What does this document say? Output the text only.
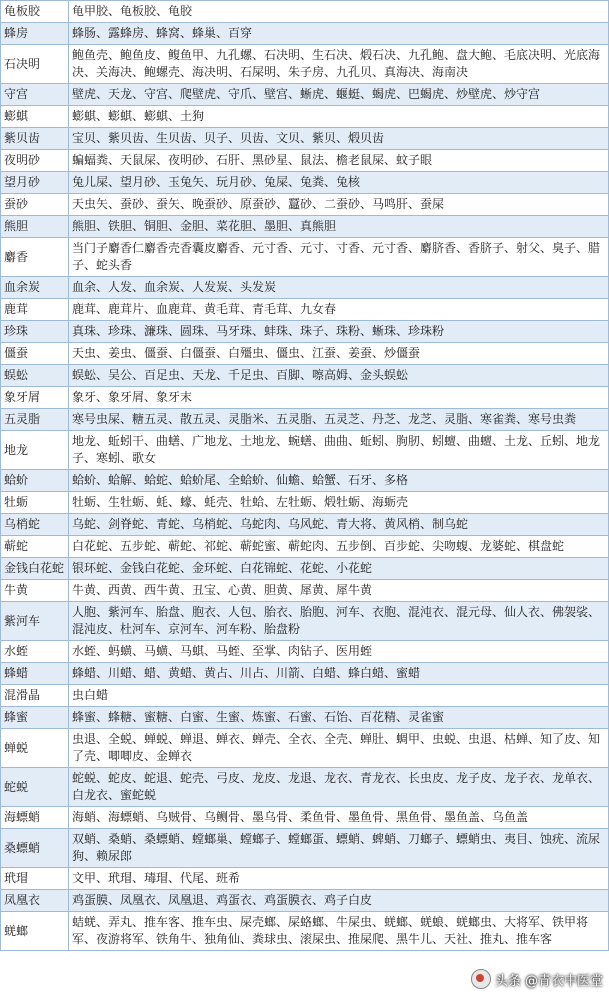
龟板胶	龟甲胶、龟板胶、龟胶
蜂房	蜂肠、露蜂房、蜂窝、蜂巢、百穿
石决明	鲍鱼壳、鲍鱼皮、鳆鱼甲、九孔螺、石决明、生石决、煅石决、九孔鲍、盘大鲍、毛底决明、光底海决、关海决、鲍螺壳、海决明、石屎明、朱子房、九孔贝、真海决、海南决
守宫	壁虎、天龙、守宫、爬壁虎、守爪、壁宫、蜥虎、蝘蜓、蝎虎、巴蝎虎、炒壁虎、炒守宫
蟛蜞	蟛蜞、蟛蜞、蟛蜞、土狗
紫贝齿	宝贝、紫贝齿、生贝齿、贝子、贝齿、文贝、紫贝、煅贝齿
夜明砂	蝙蝠粪、天鼠屎、夜明砂、石肝、黑砂星、鼠法、檐老鼠屎、蚊子眼
望月砂	兔儿屎、望月砂、玉兔矢、玩月砂、兔屎、兔粪、兔核
蚕砂	天虫矢、蚕砂、蚕矢、晚蚕砂、原蚕砂、蠶砂、二蚕砂、马鸣肝、蚕屎
熊胆	熊胆、铁胆、铜胆、金胆、菜花胆、墨胆、真熊胆
麝香	当门子麝香仁麝香壳香囊皮麝香、元寸香、元寸、寸香、元寸香、麝脐香、香脐子、射父、臭子、腊子、蛇头香
血余炭	血余、人发、血余炭、人发炭、头发炭
鹿茸	鹿茸、鹿茸片、血鹿茸、黄毛茸、青毛茸、九女春
珍珠	真珠、珍珠、濂珠、圆珠、马牙珠、蚌珠、珠子、珠粉、蜥珠、珍珠粉
僵蚕	天虫、姜虫、僵蚕、白僵蚕、白殭虫、僵虫、江蚕、姜蚕、炒僵蚕
蜈蚣	蜈蚣、吴公、百足虫、天龙、千足虫、百脚、嚓高姆、金头蜈蚣
象牙屑	象牙、象牙屑、象牙末
五灵脂	寒号虫屎、糖五灵、散五灵、灵脂米、五灵脂、五灵芝、丹芝、龙芝、灵脂、寒雀粪、寒号虫粪
地龙	地龙、蚯蚓干、曲蟮、广地龙、土地龙、蜿蟮、曲曲、蚯蚓、朐肕、蚓蟺、曲蟺、土龙、丘蚓、地龙子、寒蚓、歌女
蛤蚧	蛤蚧、蛤解、蛤蛇、蛤蚧尾、全蛤蚧、仙蟾、蛤蟹、石牙、多格
牡蛎	牡蛎、生牡蛎、蚝、蠔、蚝壳、牡蛤、左牡蛎、煅牡蛎、海蛎壳
乌梢蛇	乌蛇、剑脊蛇、青蛇、乌梢蛇、乌蛇肉、乌风蛇、青大将、黄风梢、制乌蛇
蕲蛇	白花蛇、五步蛇、蕲蛇、祁蛇、蕲蛇蜜、蕲蛇肉、五步倒、百步蛇、尖吻蝮、龙婆蛇、棋盘蛇
金钱白花蛇	银环蛇、金钱白花蛇、金环蛇、白花锦蛇、花蛇、小花蛇
牛黄	牛黄、西黄、西牛黄、丑宝、心黄、胆黄、犀黄、犀牛黄
紫河车	人胞、紫河车、胎盘、胞衣、人包、胎衣、胎胞、河车、衣胞、混沌衣、混元母、仙人衣、佛袈裟、混沌皮、杜河车、京河车、河车粉、胎盘粉
水蛭	水蛭、蚂蟥、马蟥、马蜞、马蛭、至掌、肉钻子、医用蛭
蜂蜡	蜂蜡、川蜡、蜡、黄蜡、黄占、川占、川箭、白蜡、蜂白蜡、蜜蜡
混滑晶	虫白蜡
蜂蜜	蜂蜜、蜂糖、蜜糖、白蜜、生蜜、炼蜜、石蜜、石饴、百花精、灵雀蜜
蝉蜕	虫退、全蜕、蝉蜕、蝉退、蝉衣、蝉壳、全衣、全壳、蝉肚、蜩甲、虫蜕、虫退、枯蝉、知了皮、知了壳、唧唧皮、金蝉衣
蛇蜕	蛇蜕、蛇皮、蛇退、蛇壳、弓皮、龙皮、龙退、龙衣、青龙衣、长虫皮、龙子皮、龙子衣、龙单衣、白龙衣、蜜蛇蜕
海螵蛸	海蛸、海螵蛸、乌贼骨、乌鲗骨、墨乌骨、柔鱼骨、墨鱼骨、黑鱼骨、墨鱼盖、乌鱼盖
桑螵蛸	双蛸、桑蛸、桑螵蛸、螳螂巢、螳螂子、螳螂蛋、螵蛸、蜱蛸、刀螂子、螵蛸虫、夷目、蚀疣、流尿狗、赖尿郎
玳瑁	文甲、玳瑁、瑇瑁、代尾、班希
凤凰衣	鸡蛋膜、凤凰衣、凤凰退、鸡蛋衣、鸡蛋膜衣、鸡子白皮
蜣螂	蛣蜣、弄丸、推车客、推车虫、屎壳螂、屎蛒螂、牛屎虫、蜣螂、蜣蜋、蜣螂虫、大将军、铁甲将军、夜游将军、铁角牛、独角仙、粪球虫、滚屎虫、推屎爬、黑牛儿、天社、推丸、推车客
头条 @青衣中医堂
